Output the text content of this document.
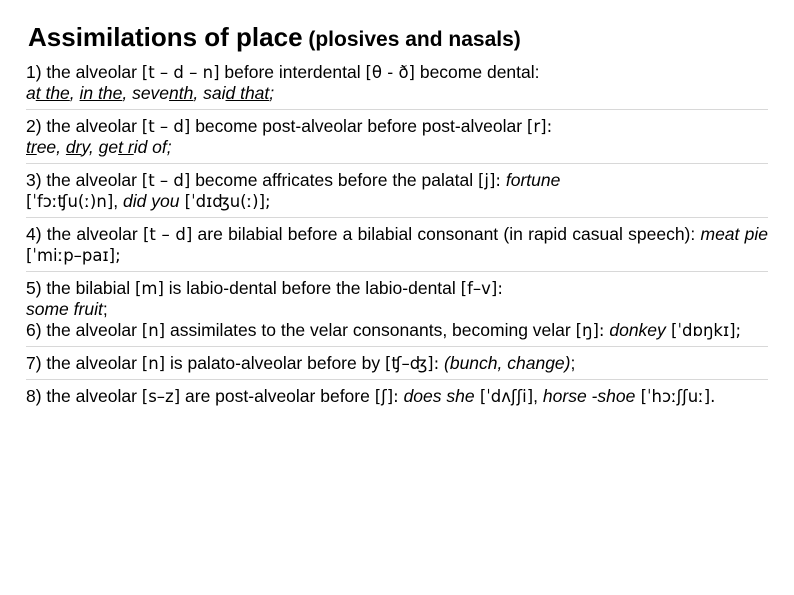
Assimilations of place (plosives and nasals)
1) the alveolar [t – d – n] before interdental [θ - ð] become dental:
at the, in the, seventh, said that;
2) the alveolar [t – d] become post-alveolar before post-alveolar [r]:
tree, dry, get rid of;
3) the alveolar [t – d] become affricates before the palatal [j]: fortune
[ˈfɔːʧu(ː)n], did you [ˈdɪʤu(ː)];
4) the alveolar [t – d] are bilabial before a bilabial consonant (in rapid casual speech): meat pie [ˈmiːp–paɪ];
5) the bilabial [m] is labio-dental before the labio-dental [f–v]:
some fruit;
6) the alveolar [n] assimilates to the velar consonants, becoming velar [ŋ]: donkey [ˈdɒŋkɪ];
7) the alveolar [n] is palato-alveolar before by [ʧ–ʤ]: (bunch, change);
8) the alveolar [s–z] are post-alveolar before [ʃ]: does she [ˈdʌʃʃi], horse -shoe [ˈhɔːʃʃuː].
